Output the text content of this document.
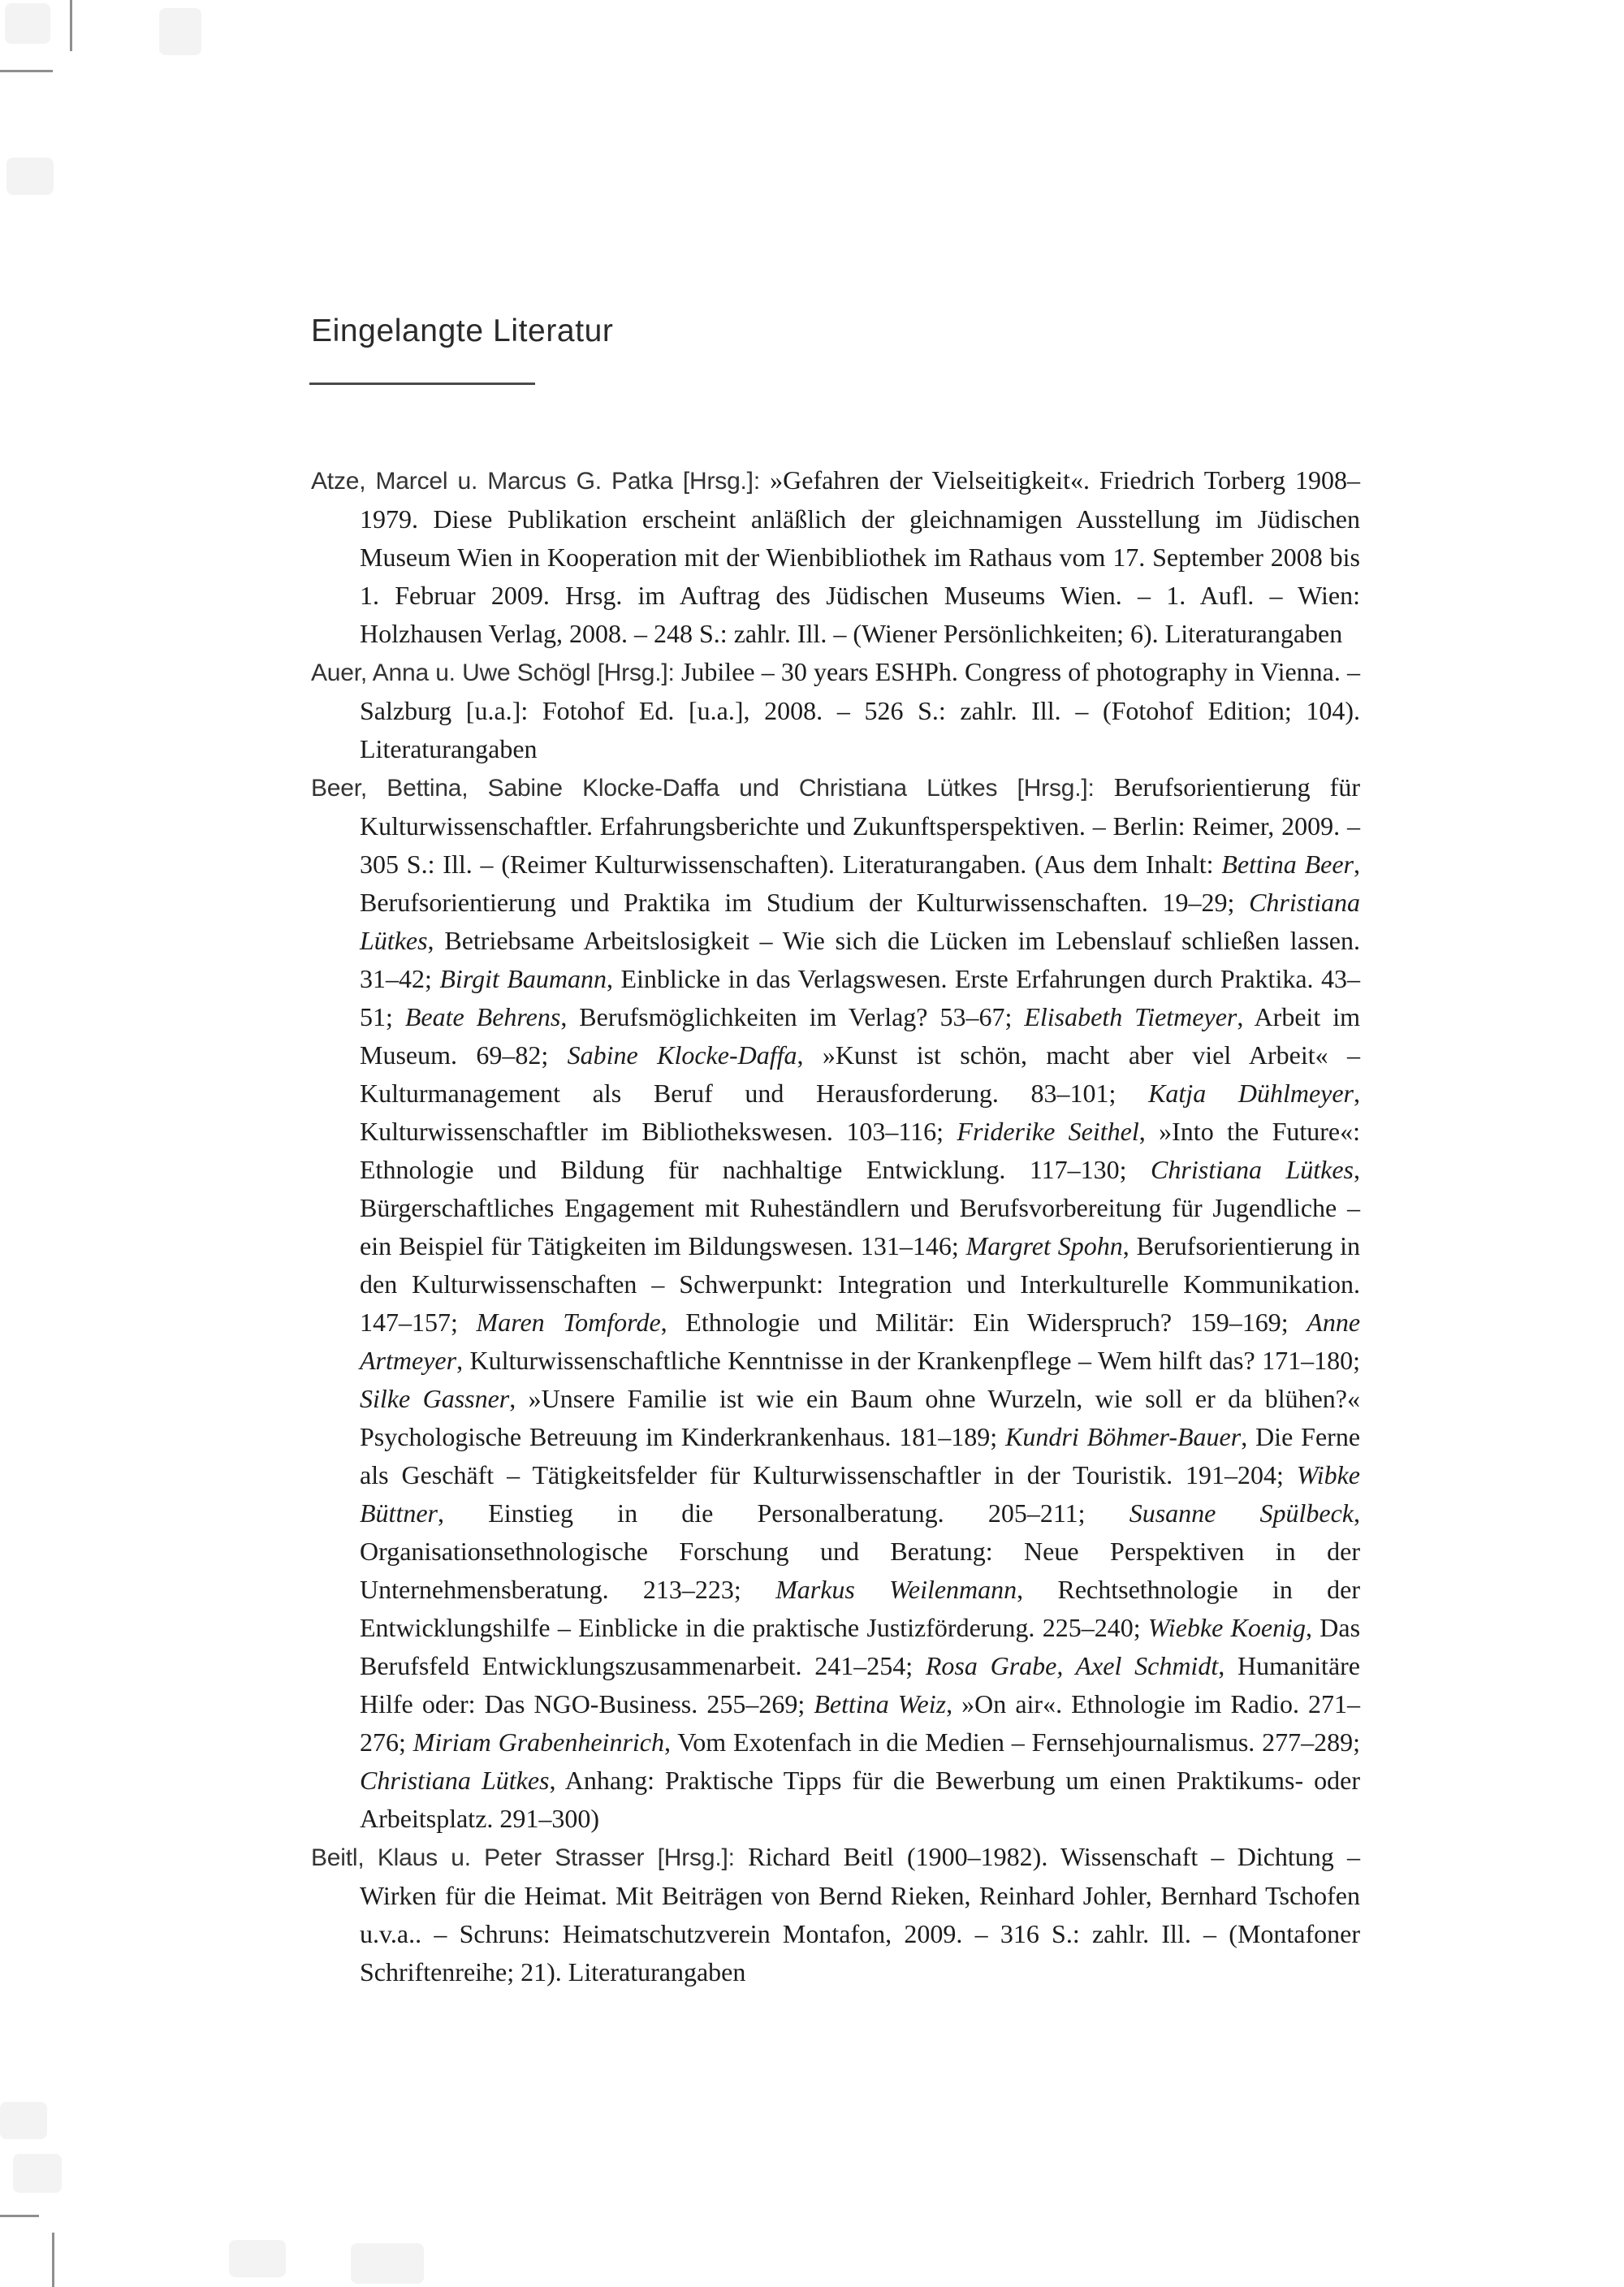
Eingelangte Literatur

Atze, Marcel u. Marcus G. Patka [Hrsg.]: »Gefahren der Vielseitigkeit«. Friedrich Torberg 1908–1979. Diese Publikation erscheint anläßlich der gleichnamigen Ausstellung im Jüdischen Museum Wien in Kooperation mit der Wienbibliothek im Rathaus vom 17. September 2008 bis 1. Februar 2009. Hrsg. im Auftrag des Jüdischen Museums Wien. – 1. Aufl. – Wien: Holzhausen Verlag, 2008. – 248 S.: zahlr. Ill. – (Wiener Persönlichkeiten; 6). Literaturangaben

Auer, Anna u. Uwe Schögl [Hrsg.]: Jubilee – 30 years ESHPh. Congress of photography in Vienna. – Salzburg [u.a.]: Fotohof Ed. [u.a.], 2008. – 526 S.: zahlr. Ill. – (Fotohof Edition; 104). Literaturangaben

Beer, Bettina, Sabine Klocke-Daffa und Christiana Lütkes [Hrsg.]: Berufsorientierung für Kulturwissenschaftler. Erfahrungsberichte und Zukunftsperspektiven. – Berlin: Reimer, 2009. – 305 S.: Ill. – (Reimer Kulturwissenschaften). Literaturangaben. (Aus dem Inhalt: Bettina Beer, Berufsorientierung und Praktika im Studium der Kulturwissenschaften. 19–29; Christiana Lütkes, Betriebsame Arbeitslosigkeit – Wie sich die Lücken im Lebenslauf schließen lassen. 31–42; Birgit Baumann, Einblicke in das Verlagswesen. Erste Erfahrungen durch Praktika. 43–51; Beate Behrens, Berufsmöglichkeiten im Verlag? 53–67; Elisabeth Tietmeyer, Arbeit im Museum. 69–82; Sabine Klocke-Daffa, »Kunst ist schön, macht aber viel Arbeit« – Kulturmanagement als Beruf und Herausforderung. 83–101; Katja Dühlmeyer, Kulturwissenschaftler im Bibliothekswesen. 103–116; Friderike Seithel, »Into the Future«: Ethnologie und Bildung für nachhaltige Entwicklung. 117–130; Christiana Lütkes, Bürgerschaftliches Engagement mit Ruheständlern und Berufsvorbereitung für Jugendliche – ein Beispiel für Tätigkeiten im Bildungswesen. 131–146; Margret Spohn, Berufsorientierung in den Kulturwissenschaften – Schwerpunkt: Integration und Interkulturelle Kommunikation. 147–157; Maren Tomforde, Ethnologie und Militär: Ein Widerspruch? 159–169; Anne Artmeyer, Kulturwissenschaftliche Kenntnisse in der Krankenpflege – Wem hilft das? 171–180; Silke Gassner, »Unsere Familie ist wie ein Baum ohne Wurzeln, wie soll er da blühen?« Psychologische Betreuung im Kinderkrankenhaus. 181–189; Kundri Böhmer-Bauer, Die Ferne als Geschäft – Tätigkeitsfelder für Kulturwissenschaftler in der Touristik. 191–204; Wibke Büttner, Einstieg in die Personalberatung. 205–211; Susanne Spülbeck, Organisationsethnologische Forschung und Beratung: Neue Perspektiven in der Unternehmensberatung. 213–223; Markus Weilenmann, Rechtsethnologie in der Entwicklungshilfe – Einblicke in die praktische Justizförderung. 225–240; Wiebke Koenig, Das Berufsfeld Entwicklungszusammenarbeit. 241–254; Rosa Grabe, Axel Schmidt, Humanitäre Hilfe oder: Das NGO-Business. 255–269; Bettina Weiz, »On air«. Ethnologie im Radio. 271–276; Miriam Grabenheinrich, Vom Exotenfach in die Medien – Fernsehjournalismus. 277–289; Christiana Lütkes, Anhang: Praktische Tipps für die Bewerbung um einen Praktikums- oder Arbeitsplatz. 291–300)

Beitl, Klaus u. Peter Strasser [Hrsg.]: Richard Beitl (1900–1982). Wissenschaft – Dichtung – Wirken für die Heimat. Mit Beiträgen von Bernd Rieken, Reinhard Johler, Bernhard Tschofen u.v.a.. – Schruns: Heimatschutzverein Montafon, 2009. – 316 S.: zahlr. Ill. – (Montafoner Schriftenreihe; 21). Literaturangaben
